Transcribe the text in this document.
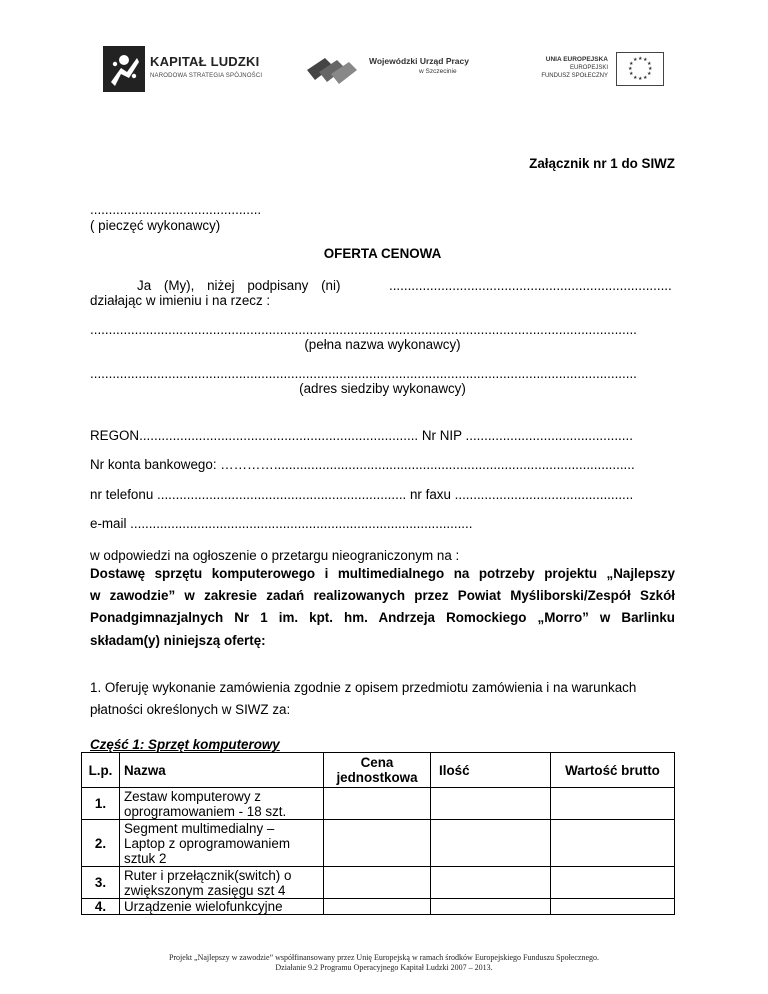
KAPITAŁ LUDZKI
NARODOWA STRATEGIA SPÓJNOŚCI
Wojewódzki Urząd Pracy
w Szczecinie
UNIA EUROPEJSKA
EUROPEJSKI
FUNDUSZ SPOŁECZNY
★ ★
★
★
★
★
★
★
★
★
★
★
Załącznik nr 1 do SIWZ
..............................................
( pieczęć wykonawcy)
OFERTA CENOWA
Ja (My), niżej podpisany (ni)	............................................................................
działając w imieniu i na rzecz :
...................................................................................................................................................
(pełna nazwa wykonawcy)
...................................................................................................................................................
(adres siedziby wykonawcy)
REGON........................................................................... Nr NIP .............................................
Nr konta bankowego: ………….................................................................................................
nr telefonu ................................................................... nr faxu ................................................
e-mail ............................................................................................
w odpowiedzi na ogłoszenie o przetargu nieograniczonym na :
Dostawę sprzętu komputerowego i multimedialnego na potrzeby projektu „Najlepszy
w zawodzie” w zakresie zadań realizowanych przez Powiat Myśliborski/Zespół Szkół
Ponadgimnazjalnych Nr 1 im. kpt. hm. Andrzeja Romockiego „Morro” w Barlinku
składam(y) niniejszą ofertę:
1. Oferuję wykonanie zamówienia zgodnie z opisem przedmiotu zamówienia i na warunkach
płatności określonych w SIWZ za:
Część 1: Sprzęt komputerowy
L.p.	Nazwa	Cena jednostkowa	Ilość	Wartość brutto
1.	Zestaw komputerowy z oprogramowaniem - 18 szt.			
2.	Segment multimedialny – Laptop z oprogramowaniem sztuk 2			
3.	Ruter i przełącznik(switch) o zwiększonym zasięgu szt 4			
4.	Urządzenie wielofunkcyjne			
Projekt „Najlepszy w zawodzie” współfinansowany przez Unię Europejską w ramach środków Europejskiego Funduszu Społecznego.
Działanie 9.2 Programu Operacyjnego Kapitał Ludzki 2007 – 2013.
